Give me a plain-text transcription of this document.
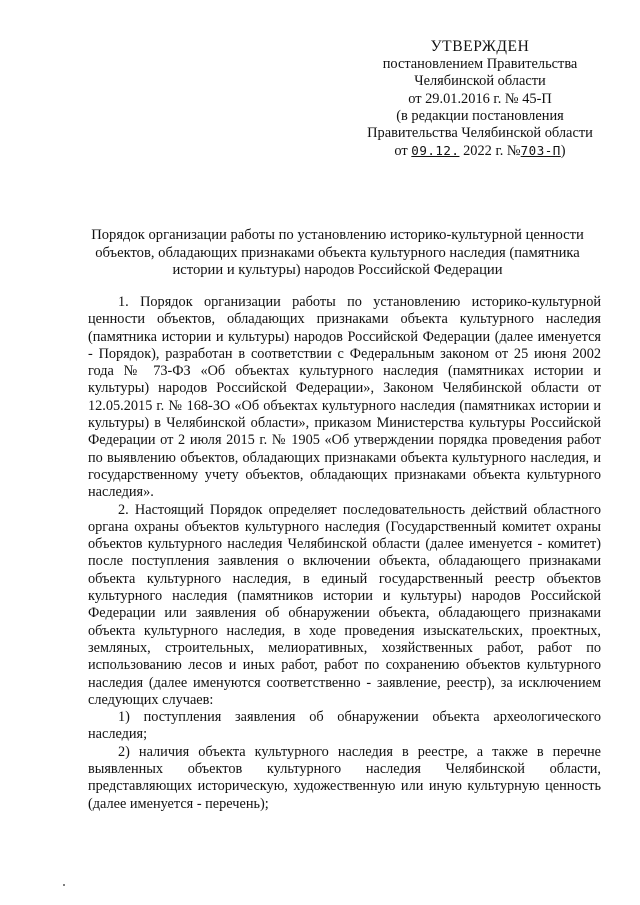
УТВЕРЖДЕН
постановлением Правительства
Челябинской области
от 29.01.2016 г. № 45-П
(в редакции постановления
Правительства Челябинской области
от 09.12. 2022 г. №703-П)
Порядок организации работы по установлению историко-культурной ценности объектов, обладающих признаками объекта культурного наследия (памятника истории и культуры) народов Российской Федерации

1. Порядок организации работы по установлению историко-культурной ценности объектов, обладающих признаками объекта культурного наследия (памятника истории и культуры) народов Российской Федерации (далее именуется - Порядок), разработан в соответствии с Федеральным законом от 25 июня 2002 года № 73-ФЗ «Об объектах культурного наследия (памятниках истории и культуры) народов Российской Федерации», Законом Челябинской области от 12.05.2015 г. № 168-ЗО «Об объектах культурного наследия (памятниках истории и культуры) в Челябинской области», приказом Министерства культуры Российской Федерации от 2 июля 2015 г. № 1905 «Об утверждении порядка проведения работ по выявлению объектов, обладающих признаками объекта культурного наследия, и государственному учету объектов, обладающих признаками объекта культурного наследия».

2. Настоящий Порядок определяет последовательность действий областного органа охраны объектов культурного наследия (Государственный комитет охраны объектов культурного наследия Челябинской области (далее именуется - комитет) после поступления заявления о включении объекта, обладающего признаками объекта культурного наследия, в единый государственный реестр объектов культурного наследия (памятников истории и культуры) народов Российской Федерации или заявления об обнаружении объекта, обладающего признаками объекта культурного наследия, в ходе проведения изыскательских, проектных, земляных, строительных, мелиоративных, хозяйственных работ, работ по использованию лесов и иных работ, работ по сохранению объектов культурного наследия (далее именуются соответственно - заявление, реестр), за исключением следующих случаев:

1) поступления заявления об обнаружении объекта археологического наследия;

2) наличия объекта культурного наследия в реестре, а также в перечне выявленных объектов культурного наследия Челябинской области, представляющих историческую, художественную или иную культурную ценность (далее именуется - перечень);
